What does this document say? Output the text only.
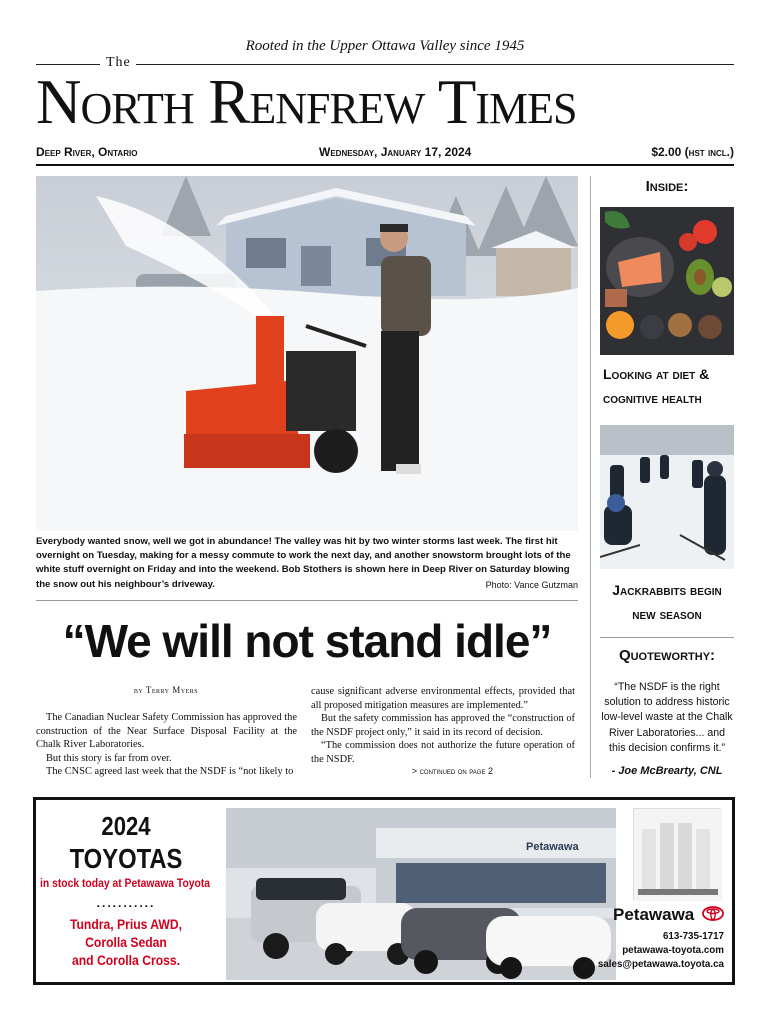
Rooted in the Upper Ottawa Valley since 1945
The
North Renfrew Times
Deep River, Ontario	Wednesday, January 17, 2024	$2.00 (hst incl.)
Everybody wanted snow, well we got in abundance! The valley was hit by two winter storms last week. The first hit overnight on Tuesday, making for a messy commute to work the next day, and another snowstorm brought lots of the white stuff overnight on Friday and into the weekend. Bob Stothers is shown here in Deep River on Saturday blowing the snow out his neighbour’s driveway.	Photo: Vance Gutzman
“We will not stand idle”
by Terry Myers

The Canadian Nuclear Safety Commission has approved the construction of the Near Surface Disposal Facility at the Chalk River Laboratories.

But this story is far from over.

The CNSC agreed last week that the NSDF is “not likely to

cause significant adverse environmental effects, provided that all proposed mitigation measures are implemented.”

But the safety commission has approved the “construction of the NSDF project only,” it said in its record of decision.

“The commission does not authorize the future operation of the NSDF.

> continued on page 2
Inside:
Looking at diet &
cognitive health
Jackrabbits begin
new season
Quoteworthy:
“The NSDF is the right solution to address historic low-level waste at the Chalk River Laboratories... and this decision confirms it.”
- Joe McBrearty, CNL
2024
TOYOTAS
in stock today at Petawawa Toyota
...........
Tundra, Prius AWD,
Corolla Sedan
and Corolla Cross.
Petawawa
Petawawa
613-735-1717
petawawa-toyota.com
sales@petawawa.toyota.ca
